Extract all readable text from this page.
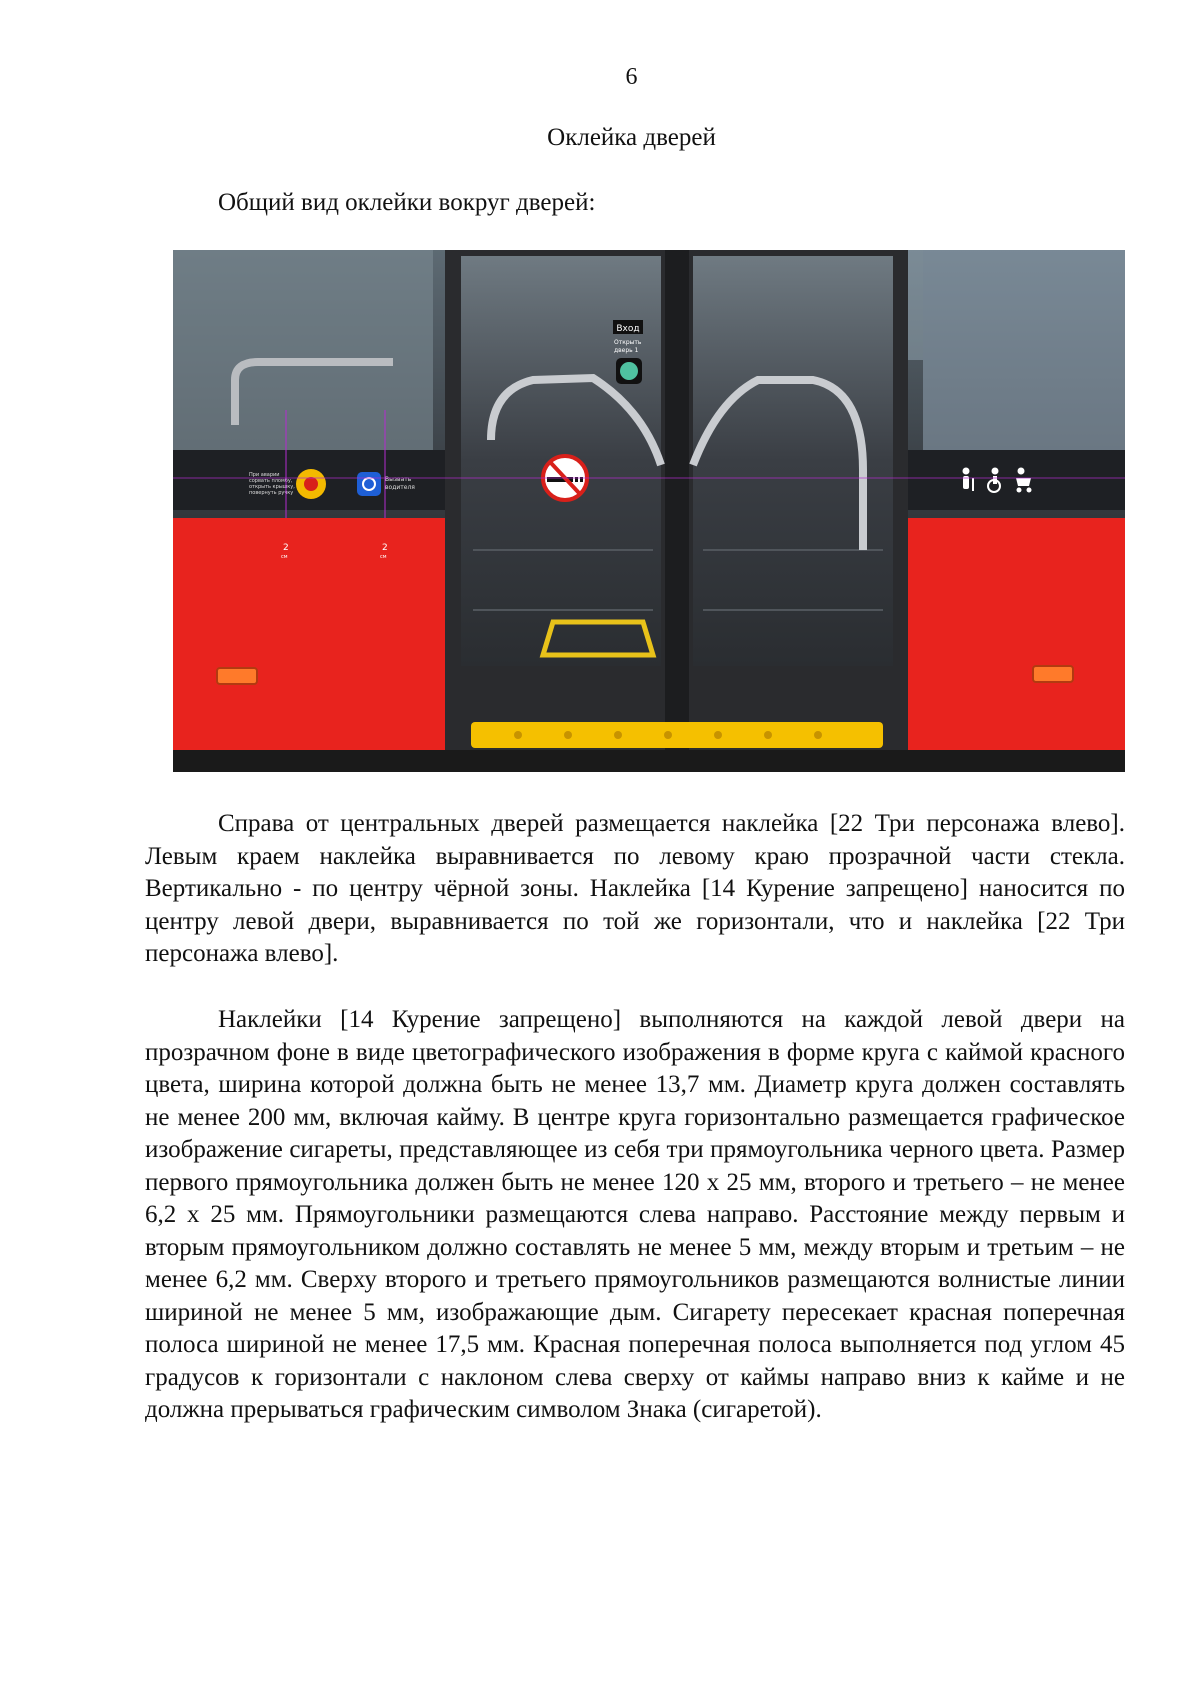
6
Оклейка дверей
Общий вид оклейки вокруг дверей:
Вход
Открыть
дверь 1
При аварии
сорвать пломбу,
открыть крышку,
повернуть ручку
Вызвать
водителя
2
см
2
см

Справа от центральных дверей размещается наклейка [22 Три персонажа влево]. Левым краем наклейка выравнивается по левому краю прозрачной части стекла. Вертикально - по центру чёрной зоны. Наклейка [14 Курение запрещено] наносится по центру левой двери, выравнивается по той же горизонтали, что и наклейка [22 Три персонажа влево].

Наклейки [14 Курение запрещено] выполняются на каждой левой двери на прозрачном фоне в виде цветографического изображения в форме круга с каймой красного цвета, ширина которой должна быть не менее 13,7 мм. Диаметр круга должен составлять не менее 200 мм, включая кайму. В центре круга горизонтально размещается графическое изображение сигареты, представляющее из себя три прямоугольника черного цвета. Размер первого прямоугольника должен быть не менее 120 х 25 мм, второго и третьего – не менее 6,2 х 25 мм. Прямоугольники размещаются слева направо. Расстояние между первым и вторым прямоугольником должно составлять не менее 5 мм, между вторым и третьим – не менее 6,2 мм. Сверху второго и третьего прямоугольников размещаются волнистые линии шириной не менее 5 мм, изображающие дым. Сигарету пересекает красная поперечная полоса шириной не менее 17,5 мм. Красная поперечная полоса выполняется под углом 45 градусов к горизонтали с наклоном слева сверху от каймы направо вниз к кайме и не должна прерываться графическим символом Знака (сигаретой).
